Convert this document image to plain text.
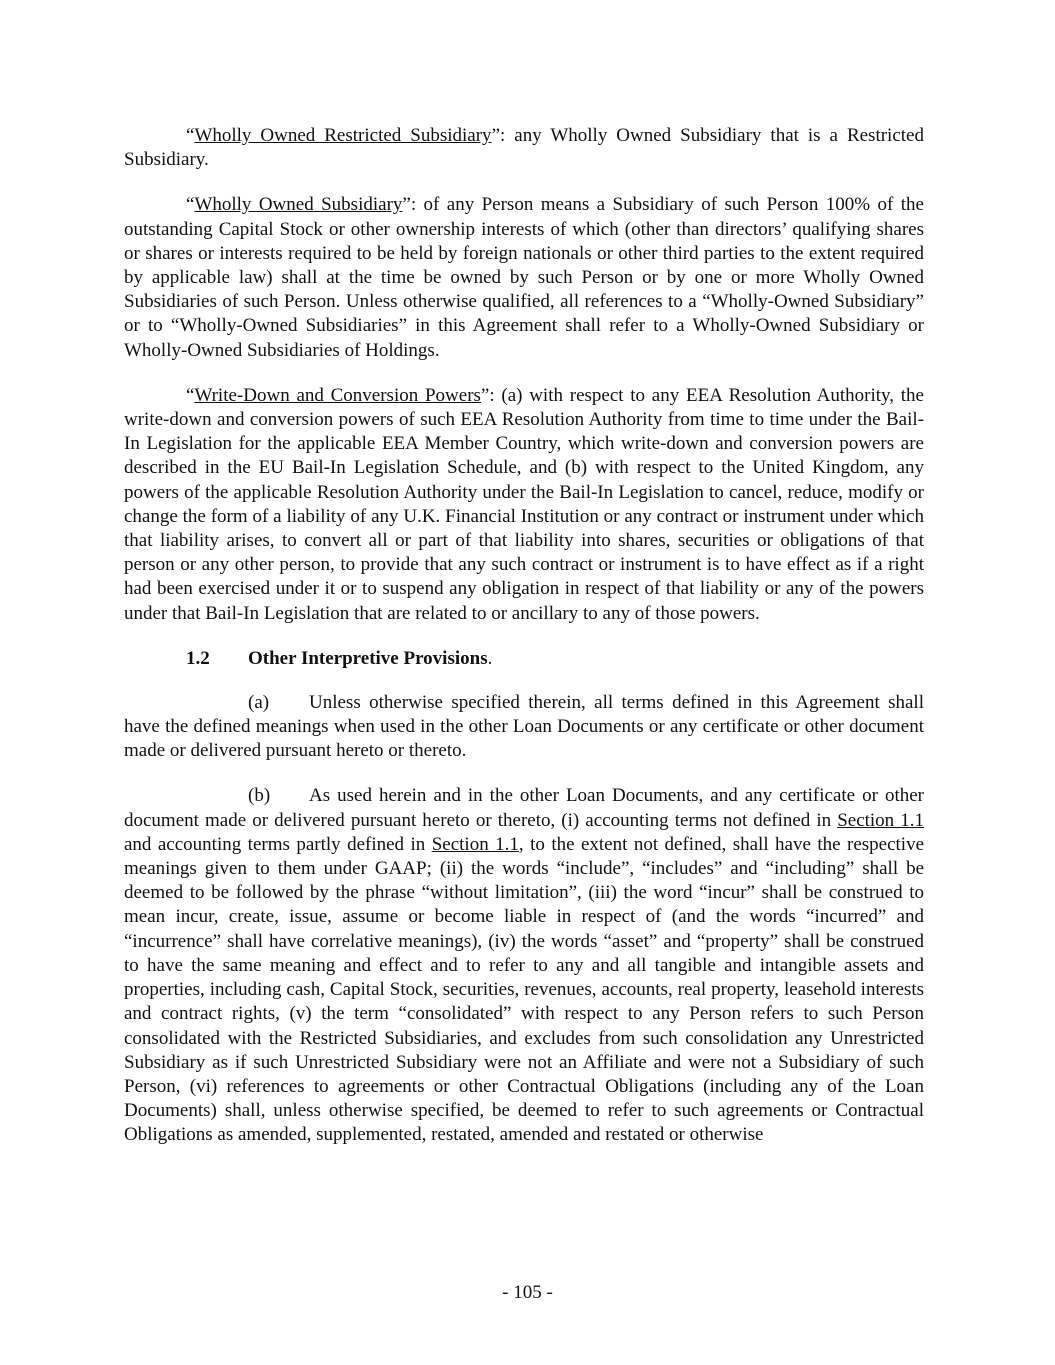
“Wholly Owned Restricted Subsidiary”: any Wholly Owned Subsidiary that is a Restricted Subsidiary.

“Wholly Owned Subsidiary”: of any Person means a Subsidiary of such Person 100% of the outstanding Capital Stock or other ownership interests of which (other than directors’ qualifying shares or shares or interests required to be held by foreign nationals or other third parties to the extent required by applicable law) shall at the time be owned by such Person or by one or more Wholly Owned Subsidiaries of such Person. Unless otherwise qualified, all references to a “Wholly-Owned Subsidiary” or to “Wholly-Owned Subsidiaries” in this Agreement shall refer to a Wholly-Owned Subsidiary or Wholly-Owned Subsidiaries of Holdings.

“Write-Down and Conversion Powers”: (a) with respect to any EEA Resolution Authority, the write-down and conversion powers of such EEA Resolution Authority from time to time under the Bail-In Legislation for the applicable EEA Member Country, which write-down and conversion powers are described in the EU Bail-In Legislation Schedule, and (b) with respect to the United Kingdom, any powers of the applicable Resolution Authority under the Bail-In Legislation to cancel, reduce, modify or change the form of a liability of any U.K. Financial Institution or any contract or instrument under which that liability arises, to convert all or part of that liability into shares, securities or obligations of that person or any other person, to provide that any such contract or instrument is to have effect as if a right had been exercised under it or to suspend any obligation in respect of that liability or any of the powers under that Bail-In Legislation that are related to or ancillary to any of those powers.

1.2 Other Interpretive Provisions.

(a) Unless otherwise specified therein, all terms defined in this Agreement shall have the defined meanings when used in the other Loan Documents or any certificate or other document made or delivered pursuant hereto or thereto.

(b) As used herein and in the other Loan Documents, and any certificate or other document made or delivered pursuant hereto or thereto, (i) accounting terms not defined in Section 1.1 and accounting terms partly defined in Section 1.1, to the extent not defined, shall have the respective meanings given to them under GAAP; (ii) the words “include”, “includes” and “including” shall be deemed to be followed by the phrase “without limitation”, (iii) the word “incur” shall be construed to mean incur, create, issue, assume or become liable in respect of (and the words “incurred” and “incurrence” shall have correlative meanings), (iv) the words “asset” and “property” shall be construed to have the same meaning and effect and to refer to any and all tangible and intangible assets and properties, including cash, Capital Stock, securities, revenues, accounts, real property, leasehold interests and contract rights, (v) the term “consolidated” with respect to any Person refers to such Person consolidated with the Restricted Subsidiaries, and excludes from such consolidation any Unrestricted Subsidiary as if such Unrestricted Subsidiary were not an Affiliate and were not a Subsidiary of such Person, (vi) references to agreements or other Contractual Obligations (including any of the Loan Documents) shall, unless otherwise specified, be deemed to refer to such agreements or Contractual Obligations as amended, supplemented, restated, amended and restated or otherwise

- 105 -
